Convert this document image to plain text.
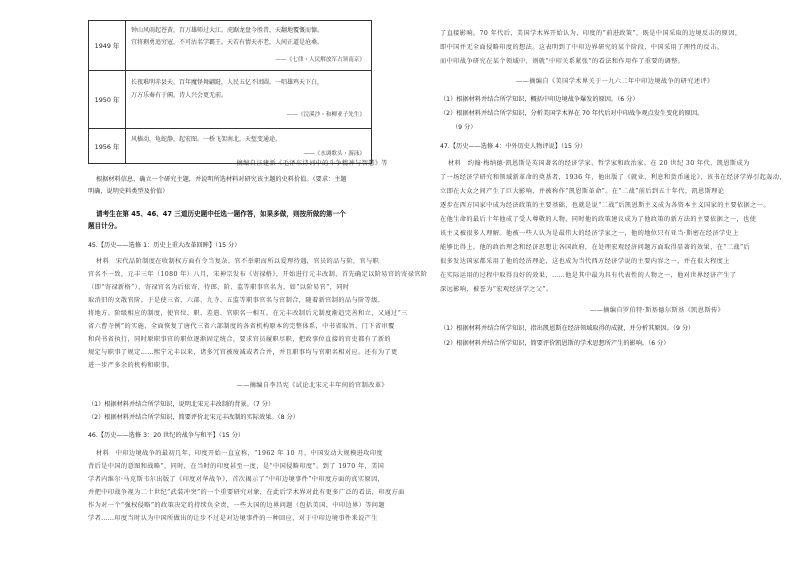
1949 年
钟山风雨起苍黄，百万雄师过大江。虎踞龙盘今胜昔，天翻地覆慨而慷。
宜将剩勇追穷寇，不可沽名学霸王。天若有情天亦老，人间正道是沧桑。
——《七律・人民解放军占领南京》
1950 年
长夜难明赤县天，百年魔怪舞翩跹，人民五亿不团圆。一唱雄鸡天下白，
万方乐奏有于阗，诗人兴会更无前。
——《浣溪沙・和柳亚子先生》
1956 年
风樯动，龟蛇静，起宏图。一桥飞架南北，天堑变通途。
——《水调歌头・游泳》
——摘编自汪建新《毛泽东诗词中的斗争精神与智慧》等
根据材料信息，确立一个研究主题，并说明所选材料对研究该主题的史料价值。（要求：主题
明确，说明史料类型及价值）
请考生在第 45、46、47 三道历史题中任选一题作答，如果多做，则按所做的第一个
题目计分。
45.【历史——选修 1：历史上重大改革回眸】（15 分）
材料　宋代品阶制度在收制权方面有令当复杂。官不举职而所以爱理待遇，官员的品与阶，官与职
官名不一致，元丰三年（1080 年）八月，宋神宗发布《寄禄格》，开始进行元丰改制，首先确定以阶易官的寄禄官阶
（即“寄禄新格”），寄禄官名为后依寄、待郎、阶、监等职事官名为，如“以阶易官”，同时
取消旧的文散官阶。于是使三省、六部、九寺、五监等职事官名与官制合，随着新官制的品与阶等级，
将地方、阶级相应的制度，使官位、职、差遣、官职名一相互。在元丰改制后元制度渐趋完善和立，又通过“三
省六曹寺例”的实施，全面恢复了唐代三省六部制度的各省机构原本的完整体系，中书省取旨、门下省审覆
和尚书省执行，同时原职事官的职位逐渐固定统合，要求官员履职尽职，把政事位直接的官吏都有了新的
规定与职事了规定……熙宁元丰以来，诸多冗官被废减或者合并，并且职事均与官职名相对应。还有为了更
进一步严多余的机构和职事。
——摘编自李昌宪《试论北宋元丰年间的官制改革》
（1）根据材料并结合所学知识，说明北宋元丰改制的背景。（7 分）
（2）根据材料并结合所学知识，简要评价北宋元丰改制的实际效果。（8 分）
46.【历史——选修 3：20 世纪的战争与和平】（15 分）
材料　中印边境战争的最初几年，印度开始一直宣称，“1962 年 10 月，中国发动大规模进攻印度
背后是中国的意图和战略”，同时，在当时的印度甚至一度，是“中国侵略印度”。到了 1970 年，美国
学者内维尔·马克斯韦尔出版了《印度对华战争》，首次揭示了“中印边境事件”中印度方面的真实原因，
并把中印战争视为二十世纪“武装冲突”的一个重要研究对象，在此后学术界对此有更多广泛的看法，印度方面
作为对一个“强权侵略”的政策决定的持续负全责，一些大国的边界问题（包括美国、中印边界）等问题
学者……印度当时认为中国所做出的让步不过是对边境事件的一种回应，对于中印边境事件来说产生
了直接影响。70 年代后，美国学术界开始认为，印度的“前进政策”，既是中国采取的边境反击的原因，
即中国并无全面侵略印度的想法。这表明到了中印边界研究的某个阶段，中国采用了理性的反击。
而中印战争研究在某个领域中，则就“中印关系紧张”的看法和作用作了重要的调整。
——摘编自《美国学术界关于一九六二年中印边境战争的研究述评》
（1）根据材料并结合所学知识，概括中印边境战争爆发的原因。（6 分）
（2）根据材料并结合所学知识，分析美国学术界在 70 年代后对中印战争观点发生变化的原因。
（9 分）
47.【历史——选修 4：中外历史人物评说】（15 分）
材料　约翰·梅纳德·凯恩斯是英国著名的经济学家、哲学家和政治家。在 20 世纪 30 年代，凯恩斯成为
了一场经济学研究和领域新革命的奠基者，1936 年，他出版了《就业、利息和货币通论》，该书在经济学界引起轰动，
立即在大众之间产生了巨大影响，并被称作“凯恩斯革命”。在“二战”前后到五十年代，凯恩斯理论
逐步在西方国家中成为经济政策的主要基础，也就是说“二战”后凯恩斯主义成为各资本主义国家的主要依据之一。
在他生命的最后十年他成了受人尊敬的人物，同时他的政策建议成为了他政策的新方法的主要依据之一，也使
该主义被很多人理解。他被一些人认为是最伟大的经济学家之一，他的地位只有亚当·斯密在经济学史上
能够比得上。他的政治理念和经济思想让各国政府，在处理宏观经济问题方面取得显著的效果，在“二战”后
很多发达国家都采用了他的经济理论，这也成为当代西方经济学说的主要内容之一，并在很大程度上
在实际运用的过程中取得良好的效果，……他是其中最为具有代表性的人物之一，他对世界经济产生了
深远影响，被誉为“宏观经济学之父”。
——摘编自罗伯特·斯基德尔斯基《凯恩斯传》
（1）根据材料并结合所学知识，指出凯恩斯在经济领域取得的成就，并分析其原因。（9 分）
（2）根据材料并结合所学知识，简要评价凯恩斯的学术思想所产生的影响。（6 分）
